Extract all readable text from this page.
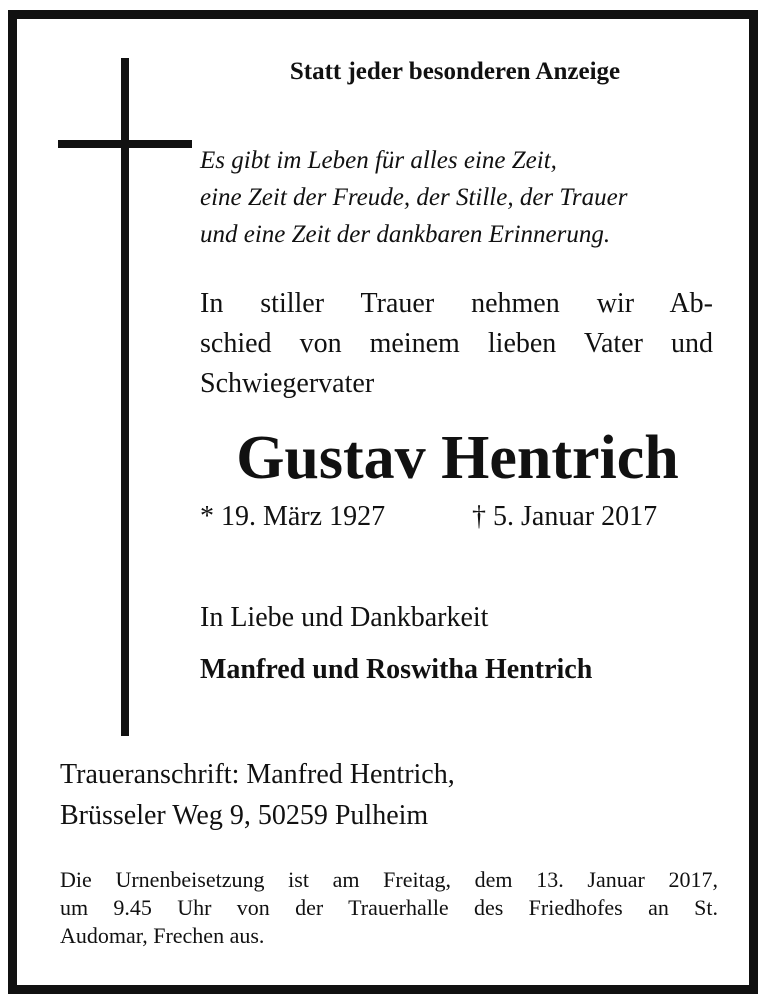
Statt jeder besonderen Anzeige
Es gibt im Leben für alles eine Zeit,
eine Zeit der Freude, der Stille, der Trauer
und eine Zeit der dankbaren Erinnerung.
In stiller Trauer nehmen wir Ab-
schied von meinem lieben Vater und
Schwiegervater
Gustav Hentrich
* 19. März 1927	† 5. Januar 2017
In Liebe und Dankbarkeit
Manfred und Roswitha Hentrich
Traueranschrift: Manfred Hentrich,
Brüsseler Weg 9, 50259 Pulheim
Die Urnenbeisetzung ist am Freitag, dem 13. Januar 2017,
um 9.45 Uhr von der Trauerhalle des Friedhofes an St.
Audomar, Frechen aus.
